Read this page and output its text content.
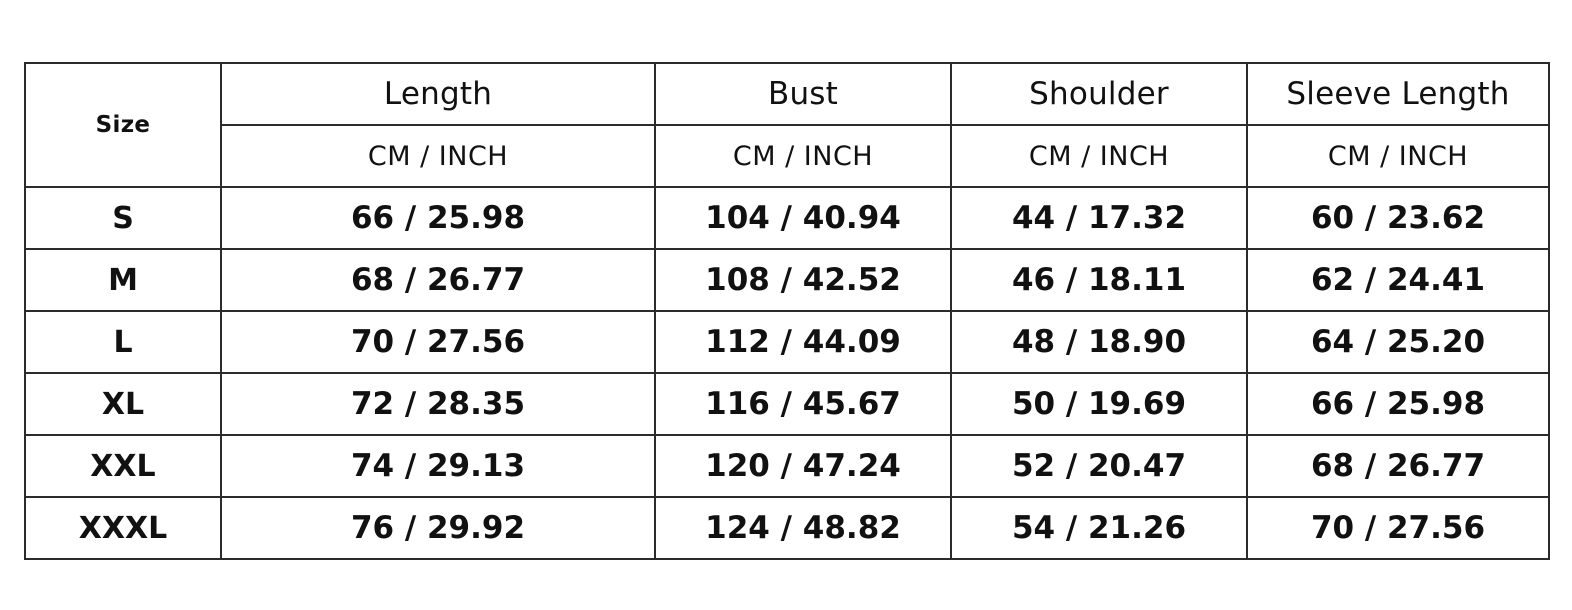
Size	Length	Bust	Shoulder	Sleeve Length
	CM / INCH	CM / INCH	CM / INCH	CM / INCH
S	66 / 25.98	104 / 40.94	44 / 17.32	60 / 23.62
M	68 / 26.77	108 / 42.52	46 / 18.11	62 / 24.41
L	70 / 27.56	112 / 44.09	48 / 18.90	64 / 25.20
XL	72 / 28.35	116 / 45.67	50 / 19.69	66 / 25.98
XXL	74 / 29.13	120 / 47.24	52 / 20.47	68 / 26.77
XXXL	76 / 29.92	124 / 48.82	54 / 21.26	70 / 27.56
